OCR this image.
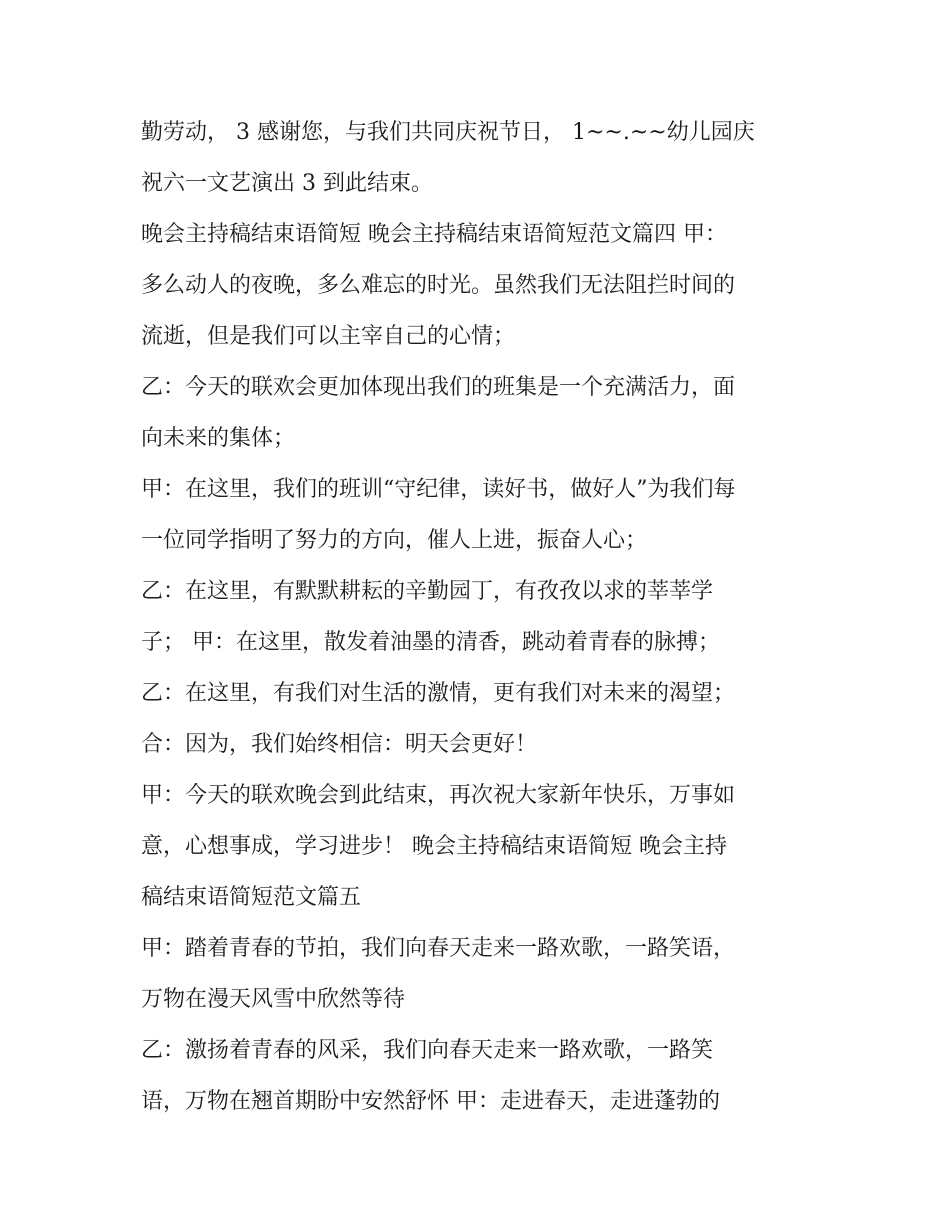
勤劳动， 3 感谢您，与我们共同庆祝节日， 1~~.~~幼儿园庆
祝六一文艺演出 3 到此结束。
晚会主持稿结束语简短 晚会主持稿结束语简短范文篇四 甲：
多么动人的夜晚，多么难忘的时光。虽然我们无法阻拦时间的
流逝，但是我们可以主宰自己的心情；
乙：今天的联欢会更加体现出我们的班集是一个充满活力，面
向未来的集体；
甲：在这里，我们的班训“守纪律，读好书，做好人”为我们每
一位同学指明了努力的方向，催人上进，振奋人心；
乙：在这里，有默默耕耘的辛勤园丁，有孜孜以求的莘莘学
子； 甲：在这里，散发着油墨的清香，跳动着青春的脉搏；
乙：在这里，有我们对生活的激情，更有我们对未来的渴望；
合：因为，我们始终相信：明天会更好！
甲：今天的联欢晚会到此结束，再次祝大家新年快乐，万事如
意，心想事成，学习进步！ 晚会主持稿结束语简短 晚会主持
稿结束语简短范文篇五
甲：踏着青春的节拍，我们向春天走来一路欢歌，一路笑语，
万物在漫天风雪中欣然等待
乙：激扬着青春的风采，我们向春天走来一路欢歌，一路笑
语，万物在翘首期盼中安然舒怀 甲：走进春天，走进蓬勃的
